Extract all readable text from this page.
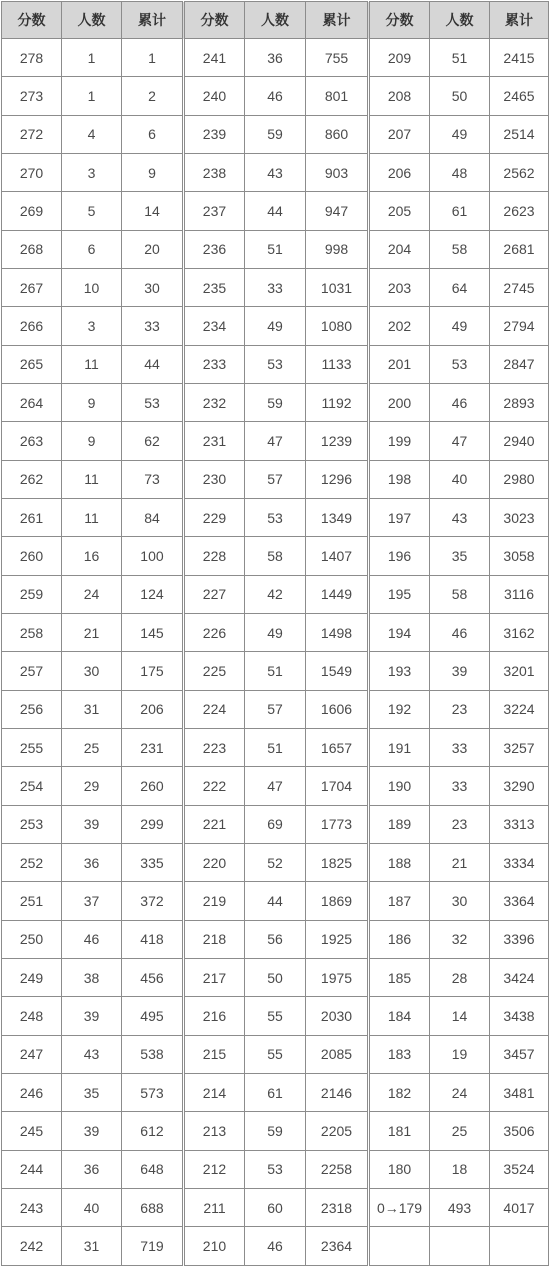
分数	人数	累计	分数	人数	累计	分数	人数	累计
278	1	1	241	36	755	209	51	2415
273	1	2	240	46	801	208	50	2465
272	4	6	239	59	860	207	49	2514
270	3	9	238	43	903	206	48	2562
269	5	14	237	44	947	205	61	2623
268	6	20	236	51	998	204	58	2681
267	10	30	235	33	1031	203	64	2745
266	3	33	234	49	1080	202	49	2794
265	11	44	233	53	1133	201	53	2847
264	9	53	232	59	1192	200	46	2893
263	9	62	231	47	1239	199	47	2940
262	11	73	230	57	1296	198	40	2980
261	11	84	229	53	1349	197	43	3023
260	16	100	228	58	1407	196	35	3058
259	24	124	227	42	1449	195	58	3116
258	21	145	226	49	1498	194	46	3162
257	30	175	225	51	1549	193	39	3201
256	31	206	224	57	1606	192	23	3224
255	25	231	223	51	1657	191	33	3257
254	29	260	222	47	1704	190	33	3290
253	39	299	221	69	1773	189	23	3313
252	36	335	220	52	1825	188	21	3334
251	37	372	219	44	1869	187	30	3364
250	46	418	218	56	1925	186	32	3396
249	38	456	217	50	1975	185	28	3424
248	39	495	216	55	2030	184	14	3438
247	43	538	215	55	2085	183	19	3457
246	35	573	214	61	2146	182	24	3481
245	39	612	213	59	2205	181	25	3506
244	36	648	212	53	2258	180	18	3524
243	40	688	211	60	2318	0→179	493	4017
242	31	719	210	46	2364			
